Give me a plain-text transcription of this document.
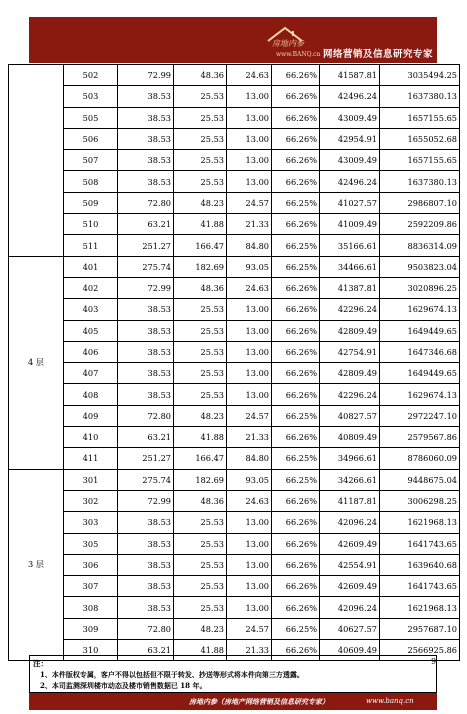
房地内参
www.BANQ.cn 网络营销及信息研究专家
	502	72.99	48.36	24.63	66.26%	41587.81	3035494.25
	503	38.53	25.53	13.00	66.26%	42496.24	1637380.13
	505	38.53	25.53	13.00	66.26%	43009.49	1657155.65
	506	38.53	25.53	13.00	66.26%	42954.91	1655052.68
	507	38.53	25.53	13.00	66.26%	43009.49	1657155.65
	508	38.53	25.53	13.00	66.26%	42496.24	1637380.13
	509	72.80	48.23	24.57	66.25%	41027.57	2986807.10
	510	63.21	41.88	21.33	66.26%	41009.49	2592209.86
	511	251.27	166.47	84.80	66.25%	35166.61	8836314.09
4 层	401	275.74	182.69	93.05	66.25%	34466.61	9503823.04
	402	72.99	48.36	24.63	66.26%	41387.81	3020896.25
	403	38.53	25.53	13.00	66.26%	42296.24	1629674.13
	405	38.53	25.53	13.00	66.26%	42809.49	1649449.65
	406	38.53	25.53	13.00	66.26%	42754.91	1647346.68
	407	38.53	25.53	13.00	66.26%	42809.49	1649449.65
	408	38.53	25.53	13.00	66.26%	42296.24	1629674.13
	409	72.80	48.23	24.57	66.25%	40827.57	2972247.10
	410	63.21	41.88	21.33	66.26%	40809.49	2579567.86
	411	251.27	166.47	84.80	66.25%	34966.61	8786060.09
3 层	301	275.74	182.69	93.05	66.25%	34266.61	9448675.04
	302	72.99	48.36	24.63	66.26%	41187.81	3006298.25
	303	38.53	25.53	13.00	66.26%	42096.24	1621968.13
	305	38.53	25.53	13.00	66.26%	42609.49	1641743.65
	306	38.53	25.53	13.00	66.26%	42554.91	1639640.68
	307	38.53	25.53	13.00	66.26%	42609.49	1641743.65
	308	38.53	25.53	13.00	66.26%	42096.24	1621968.13
	309	72.80	48.23	24.57	66.25%	40627.57	2957687.10
	310	63.21	41.88	21.33	66.26%	40609.49	2566925.86
注：
1、本件版权专属，客户不得以包括但不限于转发、抄送等形式将本件向第三方透露。
2、本司监测深圳楼市动态及楼市销售数据已 18 年。
9
房地内参（房地产网络营销及信息研究专家）	www.banq.cn
